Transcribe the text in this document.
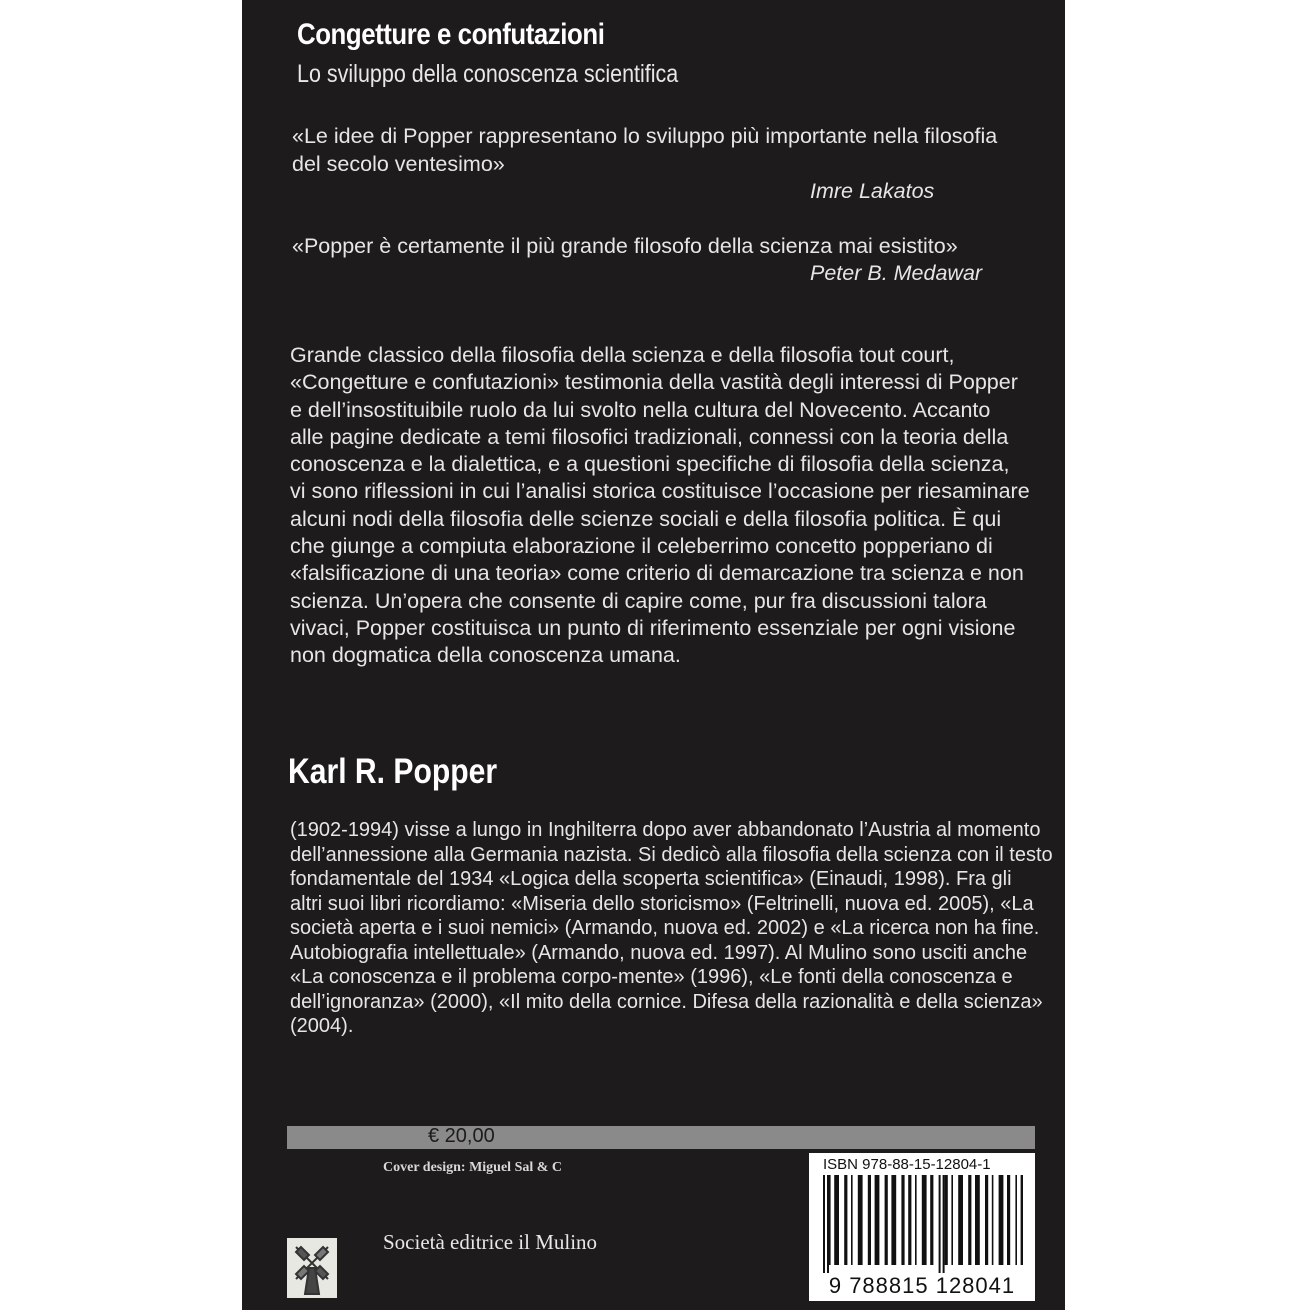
Congetture e confutazioni
Lo sviluppo della conoscenza scientifica
«Le idee di Popper rappresentano lo sviluppo più importante nella filosofia
del secolo ventesimo»
Imre Lakatos
«Popper è certamente il più grande filosofo della scienza mai esistito»
Peter B. Medawar
Grande classico della filosofia della scienza e della filosofia tout court,
«Congetture e confutazioni» testimonia della vastità degli interessi di Popper
e dell’insostituibile ruolo da lui svolto nella cultura del Novecento. Accanto
alle pagine dedicate a temi filosofici tradizionali, connessi con la teoria della
conoscenza e la dialettica, e a questioni specifiche di filosofia della scienza,
vi sono riflessioni in cui l’analisi storica costituisce l’occasione per riesaminare
alcuni nodi della filosofia delle scienze sociali e della filosofia politica. È qui
che giunge a compiuta elaborazione il celeberrimo concetto popperiano di
«falsificazione di una teoria» come criterio di demarcazione tra scienza e non
scienza. Un’opera che consente di capire come, pur fra discussioni talora
vivaci, Popper costituisca un punto di riferimento essenziale per ogni visione
non dogmatica della conoscenza umana.
Karl R. Popper
(1902-1994) visse a lungo in Inghilterra dopo aver abbandonato l’Austria al momento
dell’annessione alla Germania nazista. Si dedicò alla filosofia della scienza con il testo
fondamentale del 1934 «Logica della scoperta scientifica» (Einaudi, 1998). Fra gli
altri suoi libri ricordiamo: «Miseria dello storicismo» (Feltrinelli, nuova ed. 2005), «La
società aperta e i suoi nemici» (Armando, nuova ed. 2002) e «La ricerca non ha fine.
Autobiografia intellettuale» (Armando, nuova ed. 1997). Al Mulino sono usciti anche
«La conoscenza e il problema corpo-mente» (1996), «Le fonti della conoscenza e
dell’ignoranza» (2000), «Il mito della cornice. Difesa della razionalità e della scienza»
(2004).
€ 20,00
Cover design: Miguel Sal & C
Società editrice il Mulino
ISBN 978-88-15-12804-1
9 788815 128041
